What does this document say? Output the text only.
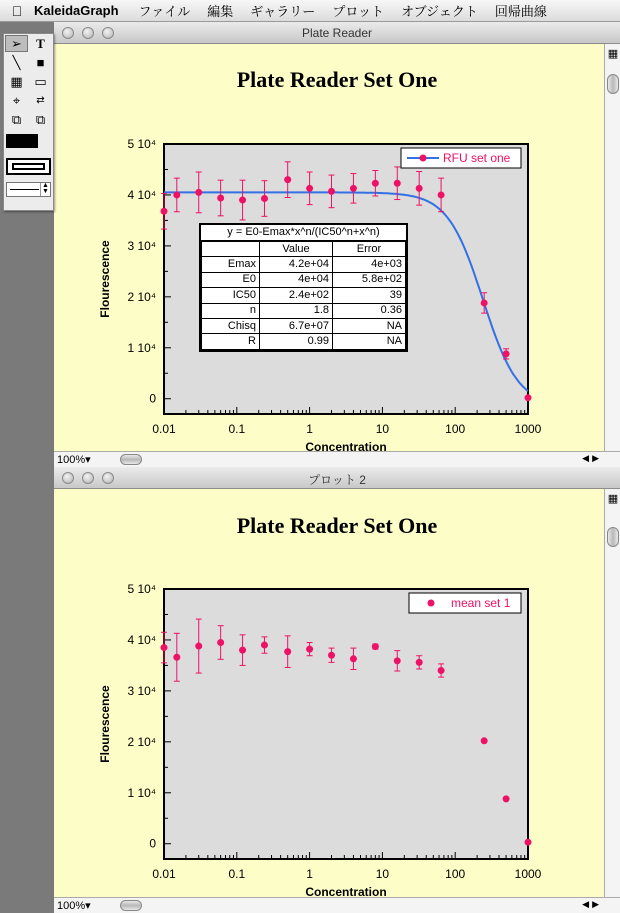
KaleidaGraph ファイル 編集 ギャラリー プロット オブジェクト 回帰曲線
Plate Reader
Plate Reader Set One
0.01	0.1	1	10	100	1000
0
1 10⁴
2 10⁴
3 10⁴
4 10⁴
5 10⁴
Concentration
Flourescence
RFU set one
y = E0-Emax*x^n/(IC50^n+x^n)
	Value	Error
Emax	4.2e+04	4e+03
E0	4e+04	5.8e+02
IC50	2.4e+02	39
n	1.8	0.36
Chisq	6.7e+07	NA
R	0.99	NA
▦
100%▾	◀▶
プロット 2
Plate Reader Set One
0.01	0.1	1	10	100	1000
0
1 10⁴
2 10⁴
3 10⁴
4 10⁴
5 10⁴
Concentration
Flourescence
mean set 1
▦
100%▾	◀▶
➢	T
╲	■
▦ ▭
⌖	⇄
⧉	⧉
▲
▼
